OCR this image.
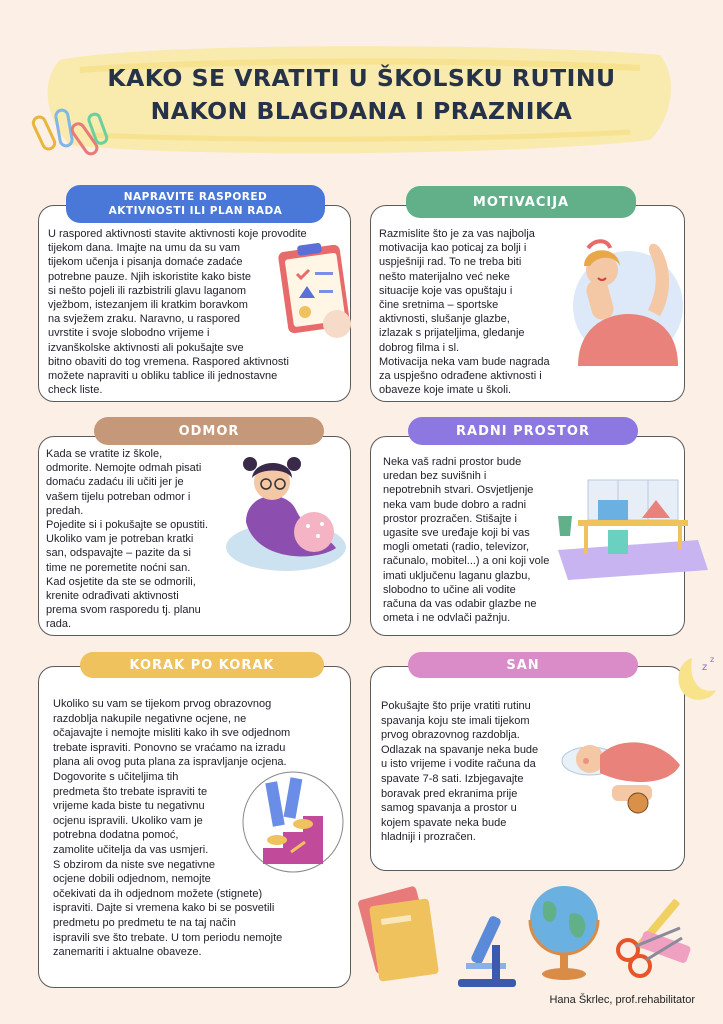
KAKO SE VRATITI U ŠKOLSKU RUTINU
NAKON BLAGDANA I PRAZNIKA
NAPRAVITE RASPORED
AKTIVNOSTI ILI PLAN RADA
U raspored aktivnosti stavite aktivnosti koje provodite
tijekom dana. Imajte na umu da su vam
tijekom učenja i pisanja domaće zadaće
potrebne pauze. Njih iskoristite kako biste
si nešto pojeli ili razbistrili glavu laganom
vježbom, istezanjem ili kratkim boravkom
na svježem zraku. Naravno, u raspored
uvrstite i svoje slobodno vrijeme i
izvanškolske aktivnosti ali pokušajte sve
bitno obaviti do tog vremena. Raspored aktivnosti
možete napraviti u obliku tablice ili jednostavne
check liste.
MOTIVACIJA
Razmislite što je za vas najbolja
motivacija kao poticaj za bolji i
uspješniji rad. To ne treba biti
nešto materijalno već neke
situacije koje vas opuštaju i
čine sretnima – sportske
aktivnosti, slušanje glazbe,
izlazak s prijateljima, gledanje
dobrog filma i sl.
Motivacija neka vam bude nagrada
za uspješno odrađene aktivnosti i
obaveze koje imate u školi.
ODMOR
Kada se vratite iz škole,
odmorite. Nemojte odmah pisati
domaću zadaću ili učiti jer je
vašem tijelu potreban odmor i
predah.
Pojedite si i pokušajte se opustiti.
Ukoliko vam je potreban kratki
san, odspavajte – pazite da si
time ne poremetite noćni san.
Kad osjetite da ste se odmorili,
krenite odrađivati aktivnosti
prema svom rasporedu tj. planu
rada.
RADNI PROSTOR
Neka vaš radni prostor bude
uredan bez suvišnih i
nepotrebnih stvari. Osvjetljenje
neka vam bude dobro a radni
prostor prozračen. Stišajte i
ugasite sve uređaje koji bi vas
mogli ometati (radio, televizor,
računalo, mobitel...) a oni koji vole
imati uključenu laganu glazbu,
slobodno to učine ali vodite
računa da vas odabir glazbe ne
ometa i ne odvlači pažnju.
KORAK PO KORAK
Ukoliko su vam se tijekom prvog obrazovnog
razdoblja nakupile negativne ocjene, ne
očajavajte i nemojte misliti kako ih sve odjednom
trebate ispraviti. Ponovno se vraćamo na izradu
plana ali ovog puta plana za ispravljanje ocjena.
Dogovorite s učiteljima tih
predmeta što trebate ispraviti te
vrijeme kada biste tu negativnu
ocjenu ispravili. Ukoliko vam je
potrebna dodatna pomoć,
zamolite učitelja da vas usmjeri.
S obzirom da niste sve negativne
ocjene dobili odjednom, nemojte
očekivati da ih odjednom možete (stignete)
ispraviti. Dajte si vremena kako bi se posvetili
predmetu po predmetu te na taj način
ispravili sve što trebate. U tom periodu nemojte
zanemariti i aktualne obaveze.
SAN
Pokušajte što prije vratiti rutinu
spavanja koju ste imali tijekom
prvog obrazovnog razdoblja.
Odlazak na spavanje neka bude
u isto vrijeme i vodite računa da
spavate 7-8 sati. Izbjegavajte
boravak pred ekranima prije
samog spavanja a prostor u
kojem spavate neka bude
hladniji i prozračen.
z
z
Hana Škrlec, prof.rehabilitator
